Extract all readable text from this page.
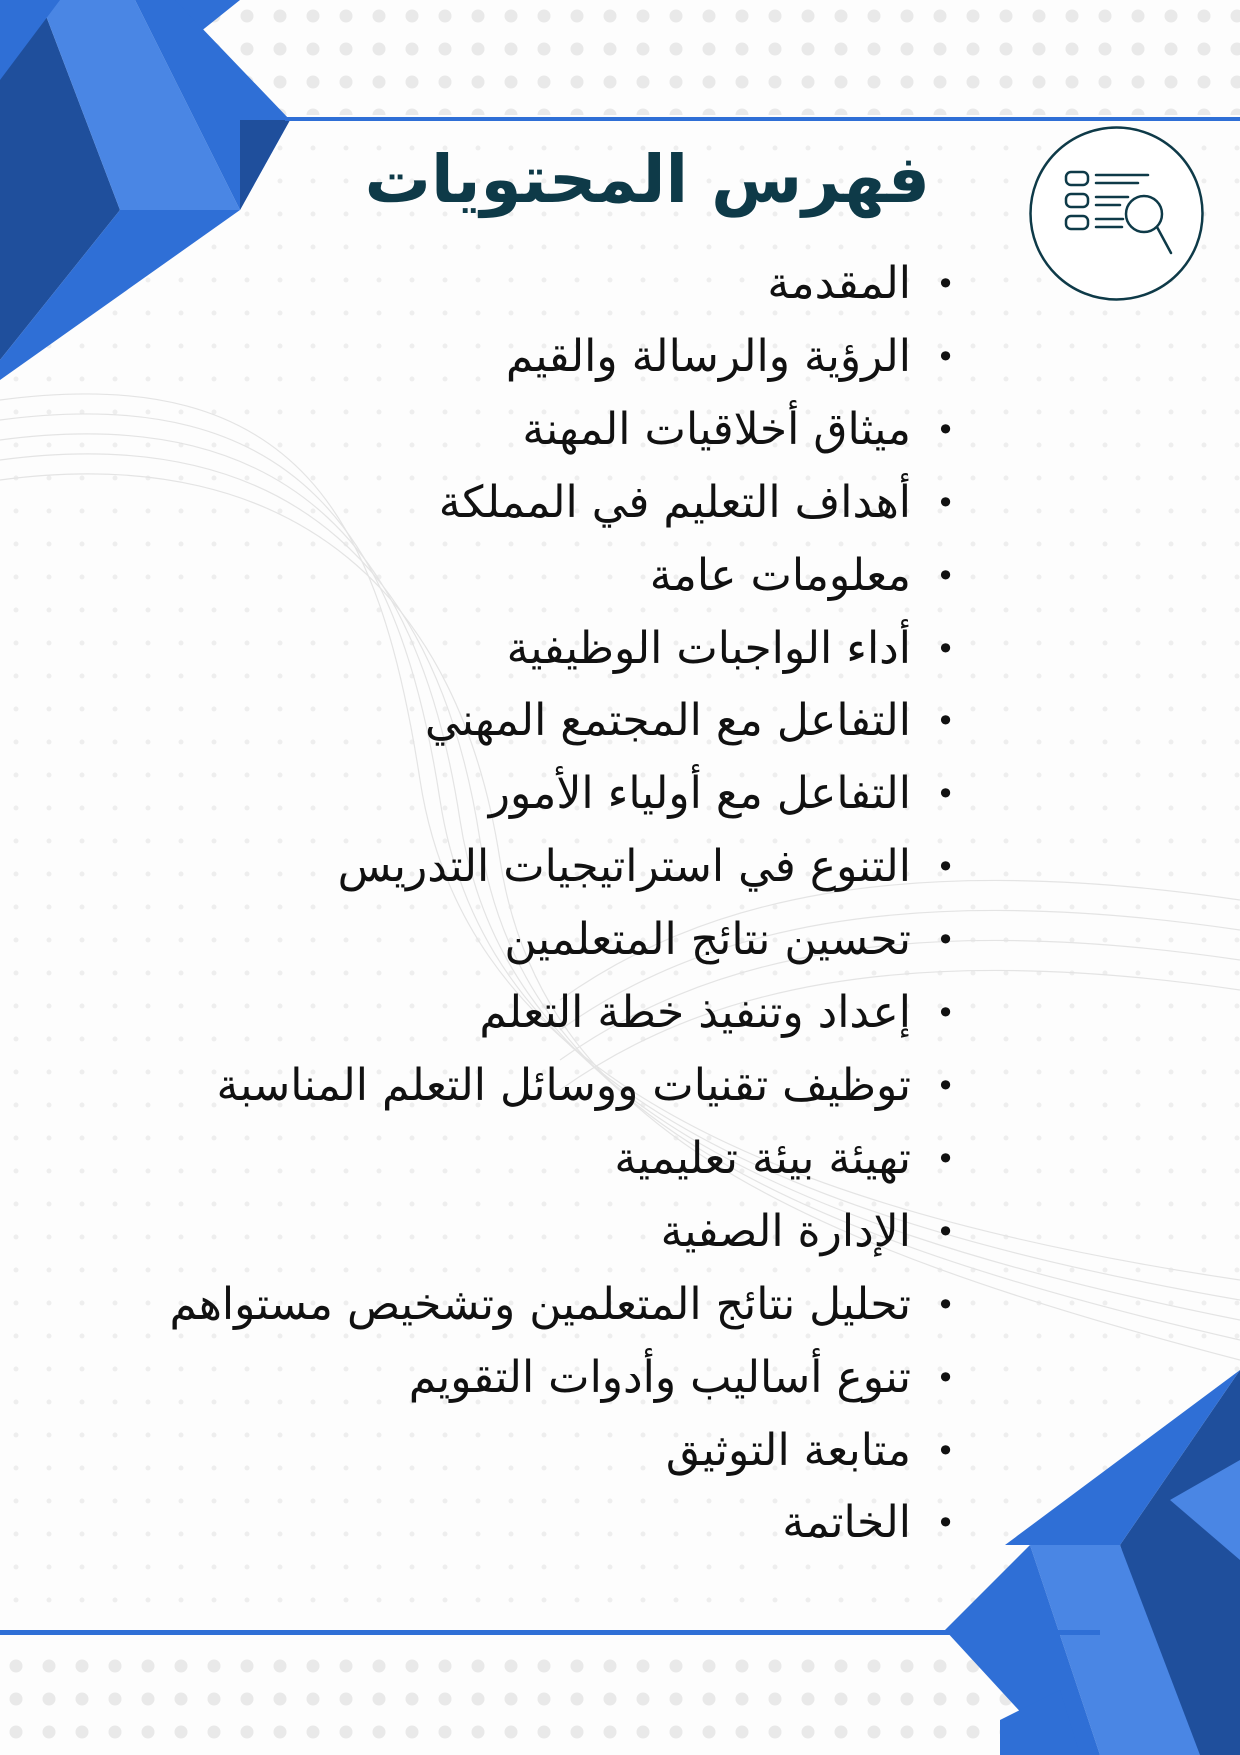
فهرس المحتويات
• المقدمة
• الرؤية والرسالة والقيم
• ميثاق أخلاقيات المهنة
• أهداف التعليم في المملكة
• معلومات عامة
• أداء الواجبات الوظيفية
• التفاعل مع المجتمع المهني
• التفاعل مع أولياء الأمور
• التنوع في استراتيجيات التدريس
• تحسين نتائج المتعلمين
• إعداد وتنفيذ خطة التعلم
• توظيف تقنيات ووسائل التعلم المناسبة
• تهيئة بيئة تعليمية
• الإدارة الصفية
• تحليل نتائج المتعلمين وتشخيص مستواهم
• تنوع أساليب وأدوات التقويم
• متابعة التوثيق
• الخاتمة
